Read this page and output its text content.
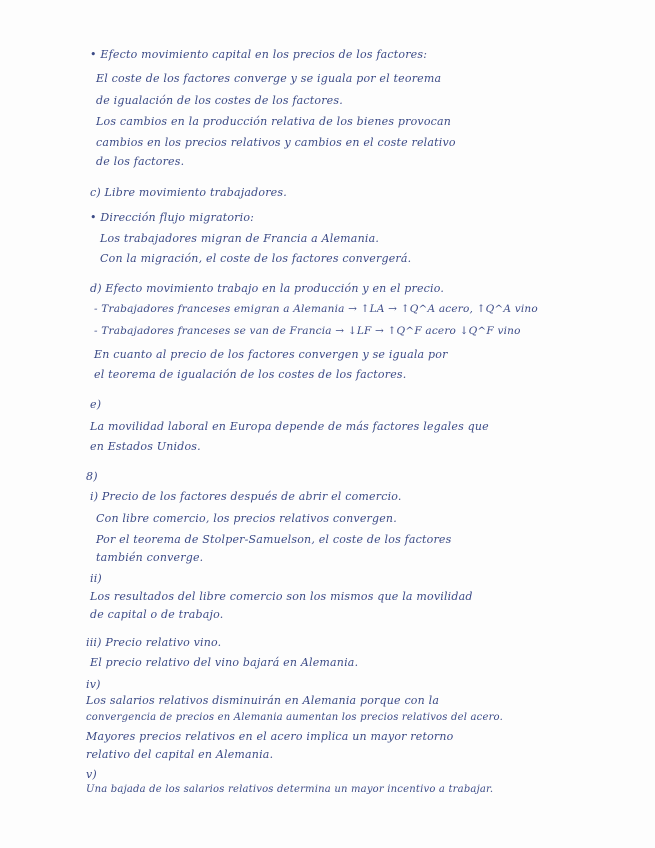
• Efecto movimiento capital en los precios de los factores:
El coste de los factores converge y se iguala por el teorema
de igualación de los costes de los factores.
Los cambios en la producción relativa de los bienes provocan
cambios en los precios relativos y cambios en el coste relativo
de los factores.
c) Libre movimiento trabajadores.
• Dirección flujo migratorio:
Los trabajadores migran de Francia a Alemania.
Con la migración, el coste de los factores convergerá.
d) Efecto movimiento trabajo en la producción y en el precio.
- Trabajadores franceses emigran a Alemania → ↑LA → ↑Q^A acero, ↑Q^A vino
- Trabajadores franceses se van de Francia → ↓LF → ↑Q^F acero ↓Q^F vino
En cuanto al precio de los factores convergen y se iguala por
el teorema de igualación de los costes de los factores.
e)
La movilidad laboral en Europa depende de más factores legales que
en Estados Unidos.
8)
i) Precio de los factores después de abrir el comercio.
Con libre comercio, los precios relativos convergen.
Por el teorema de Stolper-Samuelson, el coste de los factores
también converge.
ii)
Los resultados del libre comercio son los mismos que la movilidad
de capital o de trabajo.
iii) Precio relativo vino.
El precio relativo del vino bajará en Alemania.
iv)
Los salarios relativos disminuirán en Alemania porque con la
convergencia de precios en Alemania aumentan los precios relativos del acero.
Mayores precios relativos en el acero implica un mayor retorno
relativo del capital en Alemania.
v)
Una bajada de los salarios relativos determina un mayor incentivo a trabajar.
